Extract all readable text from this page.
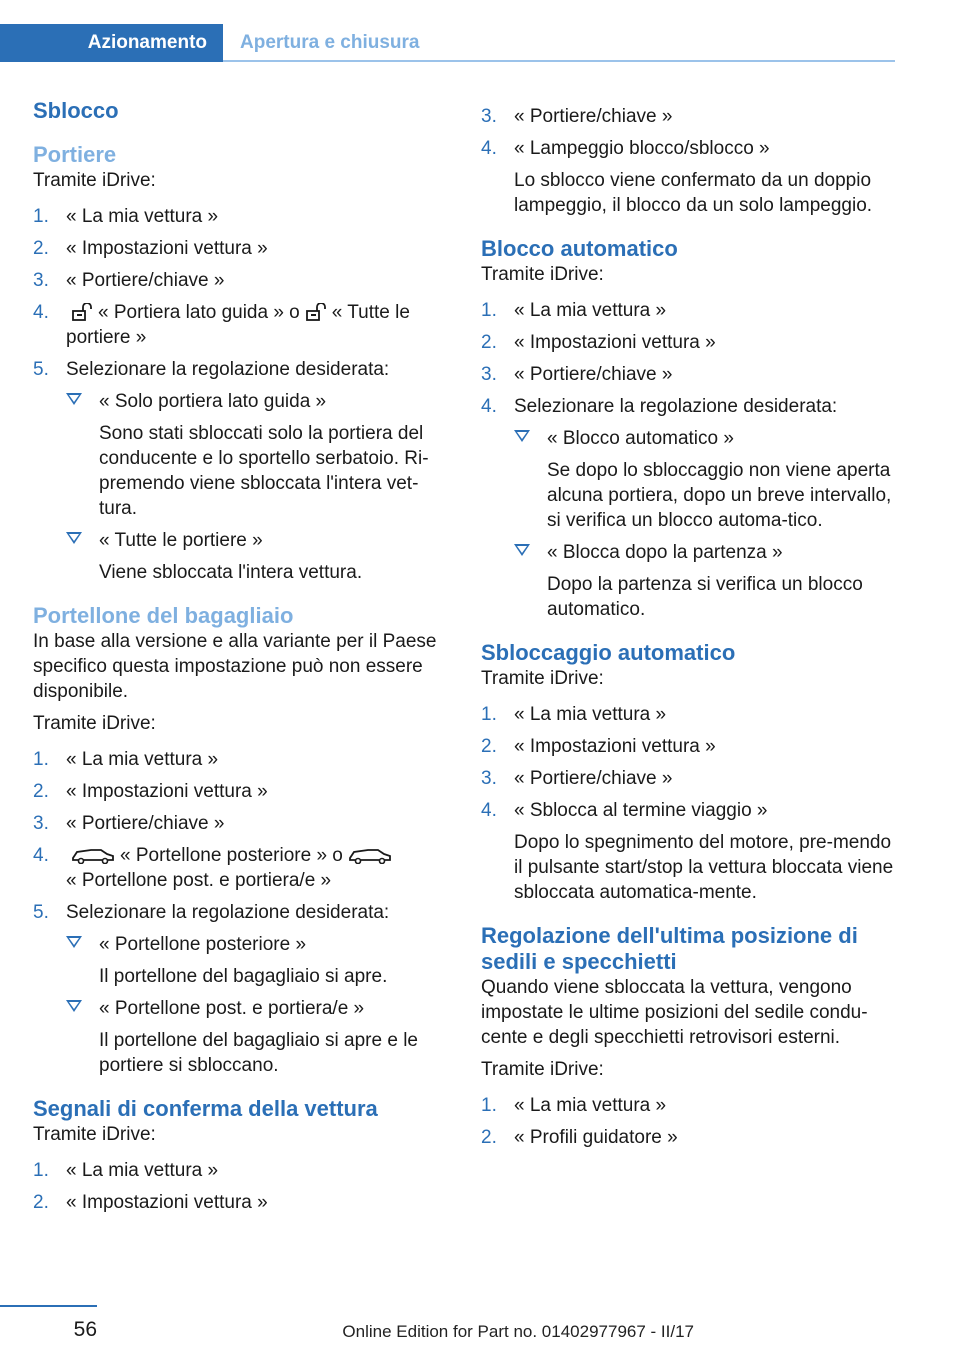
Azionamento	Apertura e chiusura
Sblocco
Portiere

Tramite iDrive:

1. « La mia vettura »
2. « Impostazioni vettura »
3. « Portiere/chiave »
4.	« Portiera lato guida » o « Tutte le portiere »
5. Selezionare la regolazione desiderata:
« Solo portiera lato guida »
Sono stati sbloccati solo la portiera del conducente e lo sportello serbatoio. Ri-premendo viene sbloccata l'intera vet-tura.
« Tutte le portiere »
Viene sbloccata l'intera vettura.
Portellone del bagagliaio

In base alla versione e alla variante per il Paese specifico questa impostazione può non essere disponibile.

Tramite iDrive:

1. « La mia vettura »
2. « Impostazioni vettura »
3. « Portiere/chiave »
4.	« Portellone posteriore » o
« Portellone post. e portiera/e »
5. Selezionare la regolazione desiderata:
« Portellone posteriore »
Il portellone del bagagliaio si apre.
« Portellone post. e portiera/e »
Il portellone del bagagliaio si apre e le portiere si sbloccano.
Segnali di conferma della vettura

Tramite iDrive:

1. « La mia vettura »
2. « Impostazioni vettura »
3. « Portiere/chiave »
4. « Lampeggio blocco/sblocco »
Lo sblocco viene confermato da un doppio lampeggio, il blocco da un solo lampeggio.
Blocco automatico

Tramite iDrive:

1. « La mia vettura »
2. « Impostazioni vettura »
3. « Portiere/chiave »
4. Selezionare la regolazione desiderata:
« Blocco automatico »
Se dopo lo sbloccaggio non viene aperta alcuna portiera, dopo un breve intervallo, si verifica un blocco automa-tico.
« Blocca dopo la partenza »
Dopo la partenza si verifica un blocco automatico.
Sbloccaggio automatico

Tramite iDrive:

1. « La mia vettura »
2. « Impostazioni vettura »
3. « Portiere/chiave »
4. « Sblocca al termine viaggio »
Dopo lo spegnimento del motore, pre-mendo il pulsante start/stop la vettura bloccata viene sbloccata automatica-mente.
Regolazione dell'ultima posizione di sedili e specchietti

Quando viene sbloccata la vettura, vengono impostate le ultime posizioni del sedile condu-cente e degli specchietti retrovisori esterni.

Tramite iDrive:

1. « La mia vettura »
2. « Profili guidatore »
56	Online Edition for Part no. 01402977967 - II/17
